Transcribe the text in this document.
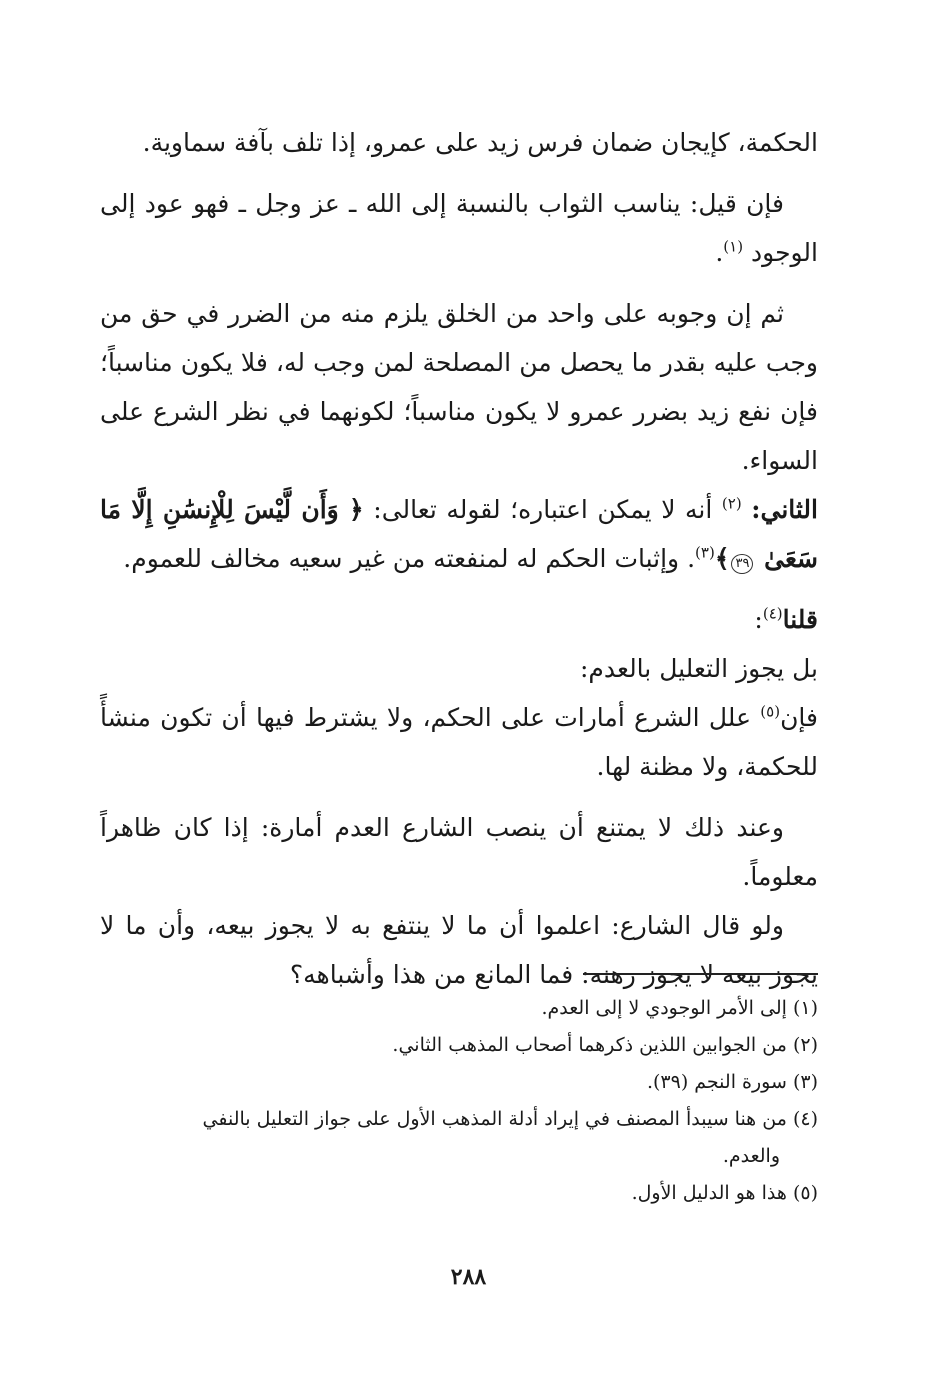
الحكمة، كإيجان ضمان فرس زيد على عمرو، إذا تلف بآفة سماوية.

فإن قيل: يناسب الثواب بالنسبة إلى الله ـ عز وجل ـ فهو عود إلى الوجود $^{(١)}$.

ثم إن وجوبه على واحد من الخلق يلزم منه من الضرر في حق من وجب عليه بقدر ما يحصل من المصلحة لمن وجب له، فلا يكون مناسباً؛ فإن نفع زيد بضرر عمرو لا يكون مناسباً؛ لكونهما في نظر الشرع على السواء.

الثاني: $^{(٢)}$ أنه لا يمكن اعتباره؛ لقوله تعالى: ﴿ وَأَن لَّيْسَ لِلْإِنسَٰنِ إِلَّا مَا سَعَىٰ ٣٩﴾$^{(٣)}$. وإثبات الحكم له لمنفعته من غير سعيه مخالف للعموم.

قلنا$^{(٤)}$:

بل يجوز التعليل بالعدم:

فإن$^{(٥)}$ علل الشرع أمارات على الحكم، ولا يشترط فيها أن تكون منشأً للحكمة، ولا مظنة لها.

وعند ذلك لا يمتنع أن ينصب الشارع العدم أمارة: إذا كان ظاهراً معلوماً.

ولو قال الشارع: اعلموا أن ما لا ينتفع به لا يجوز بيعه، وأن ما لا يجوز بيعه لا يجوز رهنه: فما المانع من هذا وأشباهه؟

(١) إلى الأمر الوجودي لا إلى العدم.

(٢) من الجوابين اللذين ذكرهما أصحاب المذهب الثاني.

(٣) سورة النجم (٣٩).

(٤) من هنا سيبدأ المصنف في إيراد أدلة المذهب الأول على جواز التعليل بالنفي

والعدم.

(٥) هذا هو الدليل الأول.

٢٨٨
